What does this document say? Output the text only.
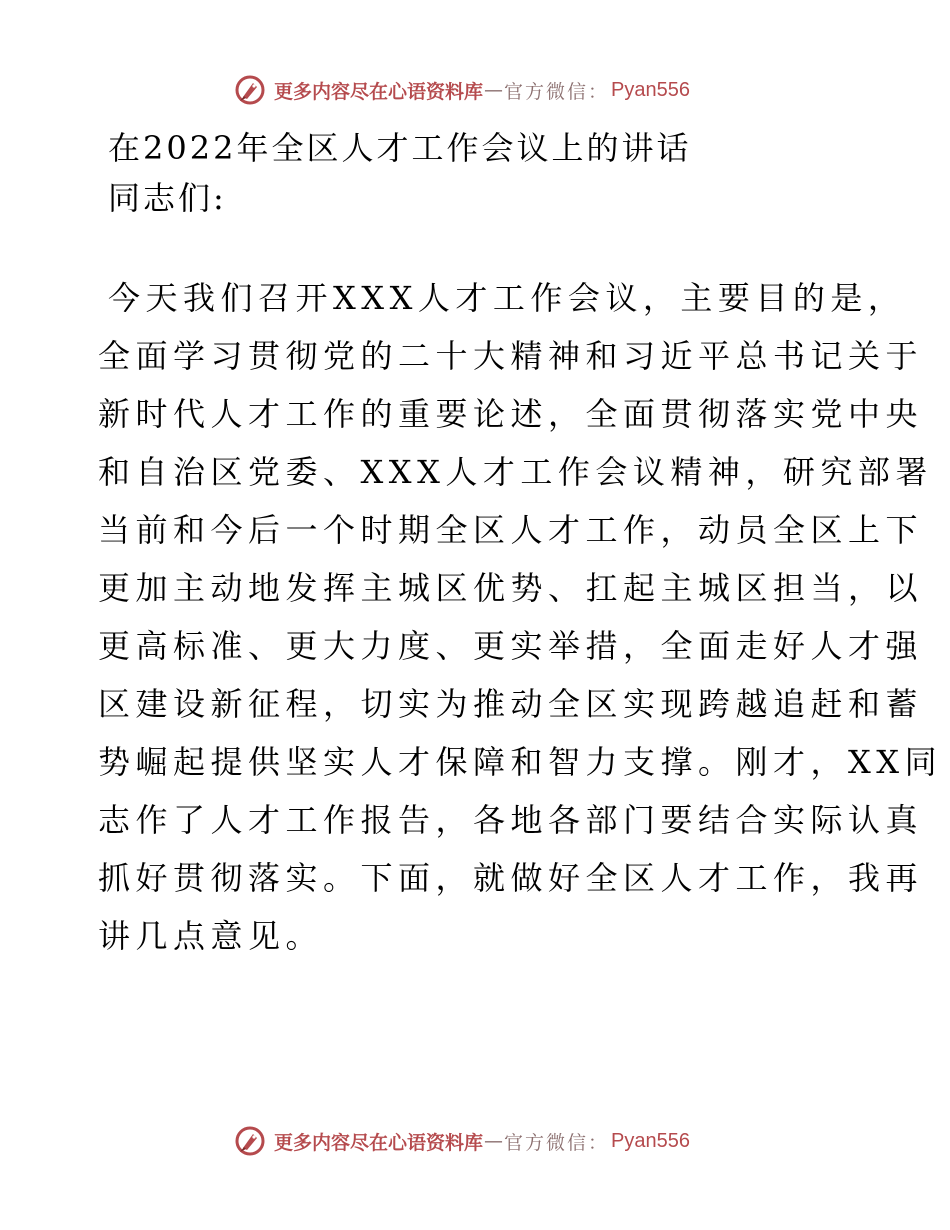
更多内容尽在心语资料库 — 官方微信： Pyan556
在2022年全区人才工作会议上的讲话

同志们:

今天我们召开XXX人才工作会议，主要目的是，
全面学习贯彻党的二十大精神和习近平总书记关于
新时代人才工作的重要论述，全面贯彻落实党中央
和自治区党委、XXX人才工作会议精神，研究部署
当前和今后一个时期全区人才工作，动员全区上下
更加主动地发挥主城区优势、扛起主城区担当，以
更高标准、更大力度、更实举措，全面走好人才强
区建设新征程，切实为推动全区实现跨越追赶和蓄
势崛起提供坚实人才保障和智力支撑。刚才，XX同
志作了人才工作报告，各地各部门要结合实际认真
抓好贯彻落实。下面，就做好全区人才工作，我再
讲几点意见。
更多内容尽在心语资料库 — 官方微信： Pyan556
